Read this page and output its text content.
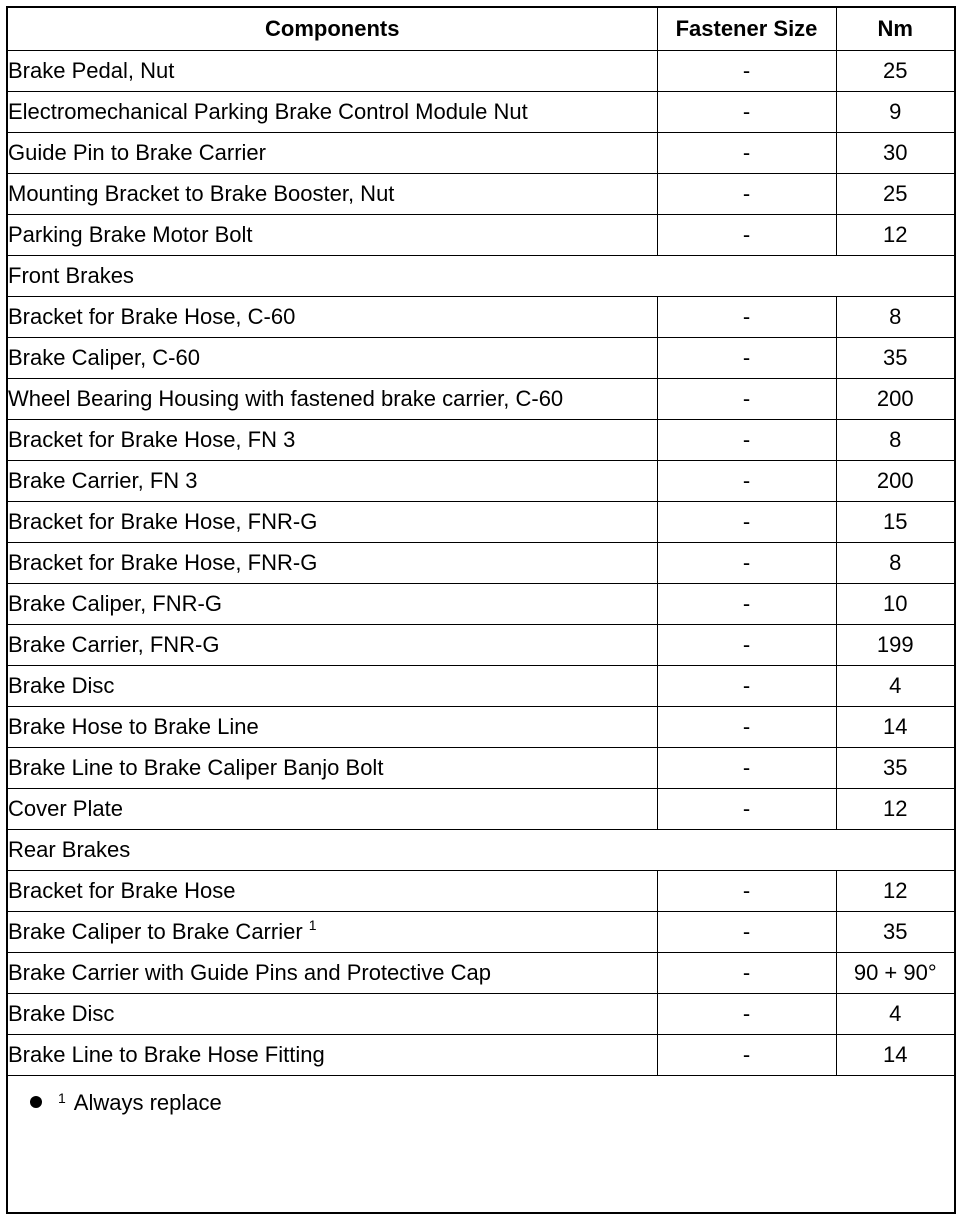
Components	Fastener Size	Nm
Brake Pedal, Nut	-	25
Electromechanical Parking Brake Control Module Nut	-	9
Guide Pin to Brake Carrier	-	30
Mounting Bracket to Brake Booster, Nut	-	25
Parking Brake Motor Bolt	-	12
Front Brakes		
Bracket for Brake Hose, C-60	-	8
Brake Caliper, C-60	-	35
Wheel Bearing Housing with fastened brake carrier, C-60	-	200
Bracket for Brake Hose, FN 3	-	8
Brake Carrier, FN 3	-	200
Bracket for Brake Hose, FNR-G	-	15
Bracket for Brake Hose, FNR-G	-	8
Brake Caliper, FNR-G	-	10
Brake Carrier, FNR-G	-	199
Brake Disc	-	4
Brake Hose to Brake Line	-	14
Brake Line to Brake Caliper Banjo Bolt	-	35
Cover Plate	-	12
Rear Brakes		
Bracket for Brake Hose	-	12
Brake Caliper to Brake Carrier $^1$	-	35
Brake Carrier with Guide Pins and Protective Cap	-	90 + 90°
Brake Disc	-	4
Brake Line to Brake Hose Fitting	-	14
$^1$ Always replace
